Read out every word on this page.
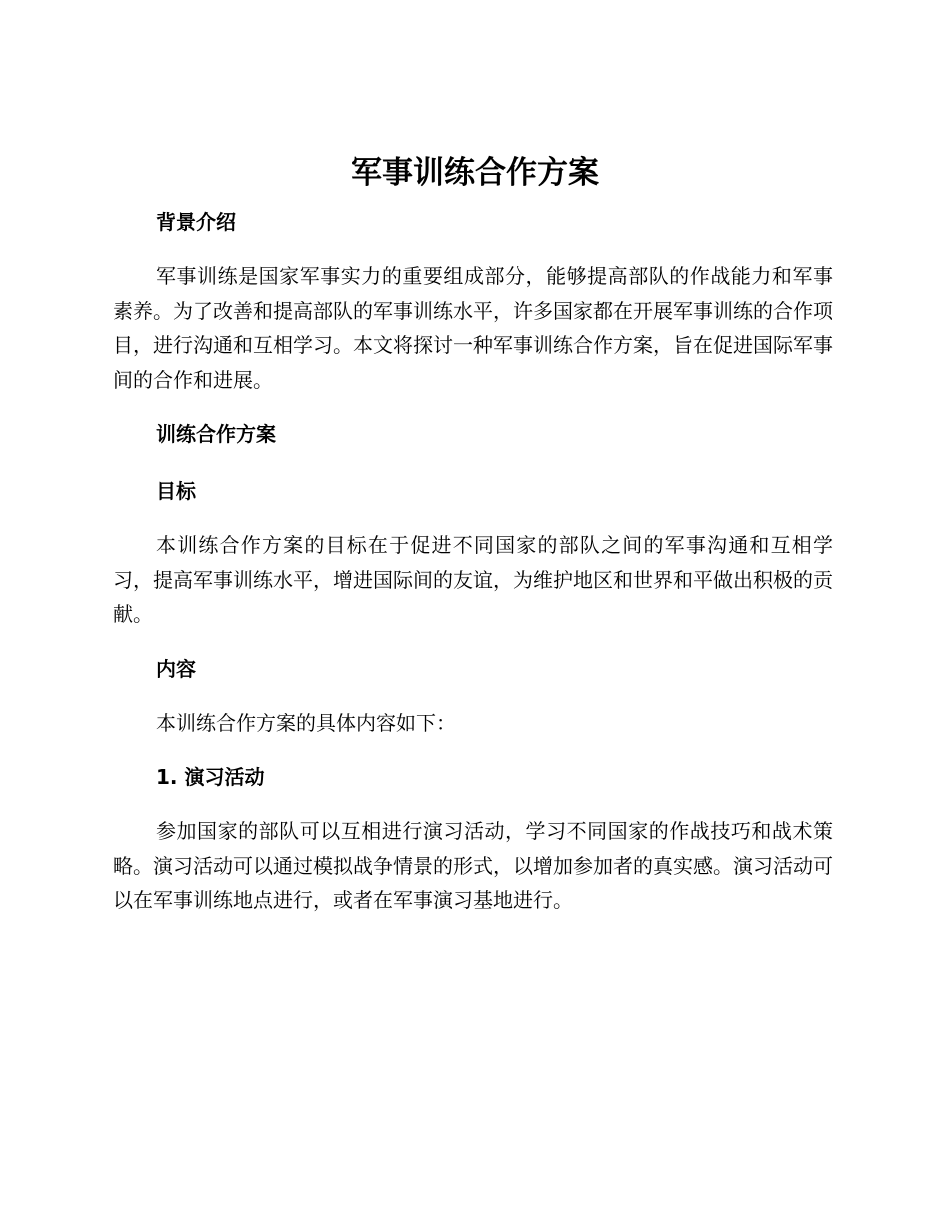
军事训练合作方案
背景介绍

军事训练是国家军事实力的重要组成部分，能够提高部队的作战能力和军事素养。为了改善和提高部队的军事训练水平，许多国家都在开展军事训练的合作项目，进行沟通和互相学习。本文将探讨一种军事训练合作方案，旨在促进国际军事间的合作和进展。

训练合作方案
目标

本训练合作方案的目标在于促进不同国家的部队之间的军事沟通和互相学习，提高军事训练水平，增进国际间的友谊，为维护地区和世界和平做出积极的贡献。

内容

本训练合作方案的具体内容如下：

1. 演习活动

参加国家的部队可以互相进行演习活动，学习不同国家的作战技巧和战术策略。演习活动可以通过模拟战争情景的形式，以增加参加者的真实感。演习活动可以在军事训练地点进行，或者在军事演习基地进行。
